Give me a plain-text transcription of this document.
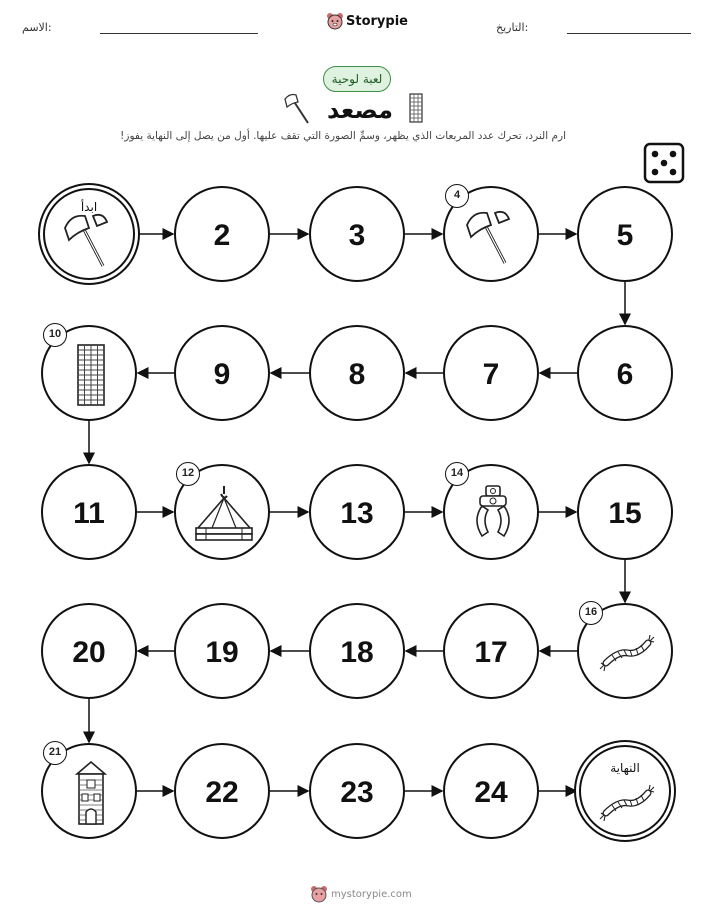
الاسم:	Storypie	التاريخ:
لعبة لوحية
مصعد
ارم النرد، تحرك عدد المربعات الذي يظهر، وسمِّ الصورة التي تقف عليها. أول من يصل إلى النهاية يفوز!
ابدأ
2	3
4
5
6
7
8
9
10
11
12
13
14
15
16
17
18
19
20
21
22	23	24
النهاية
mystorypie.com
